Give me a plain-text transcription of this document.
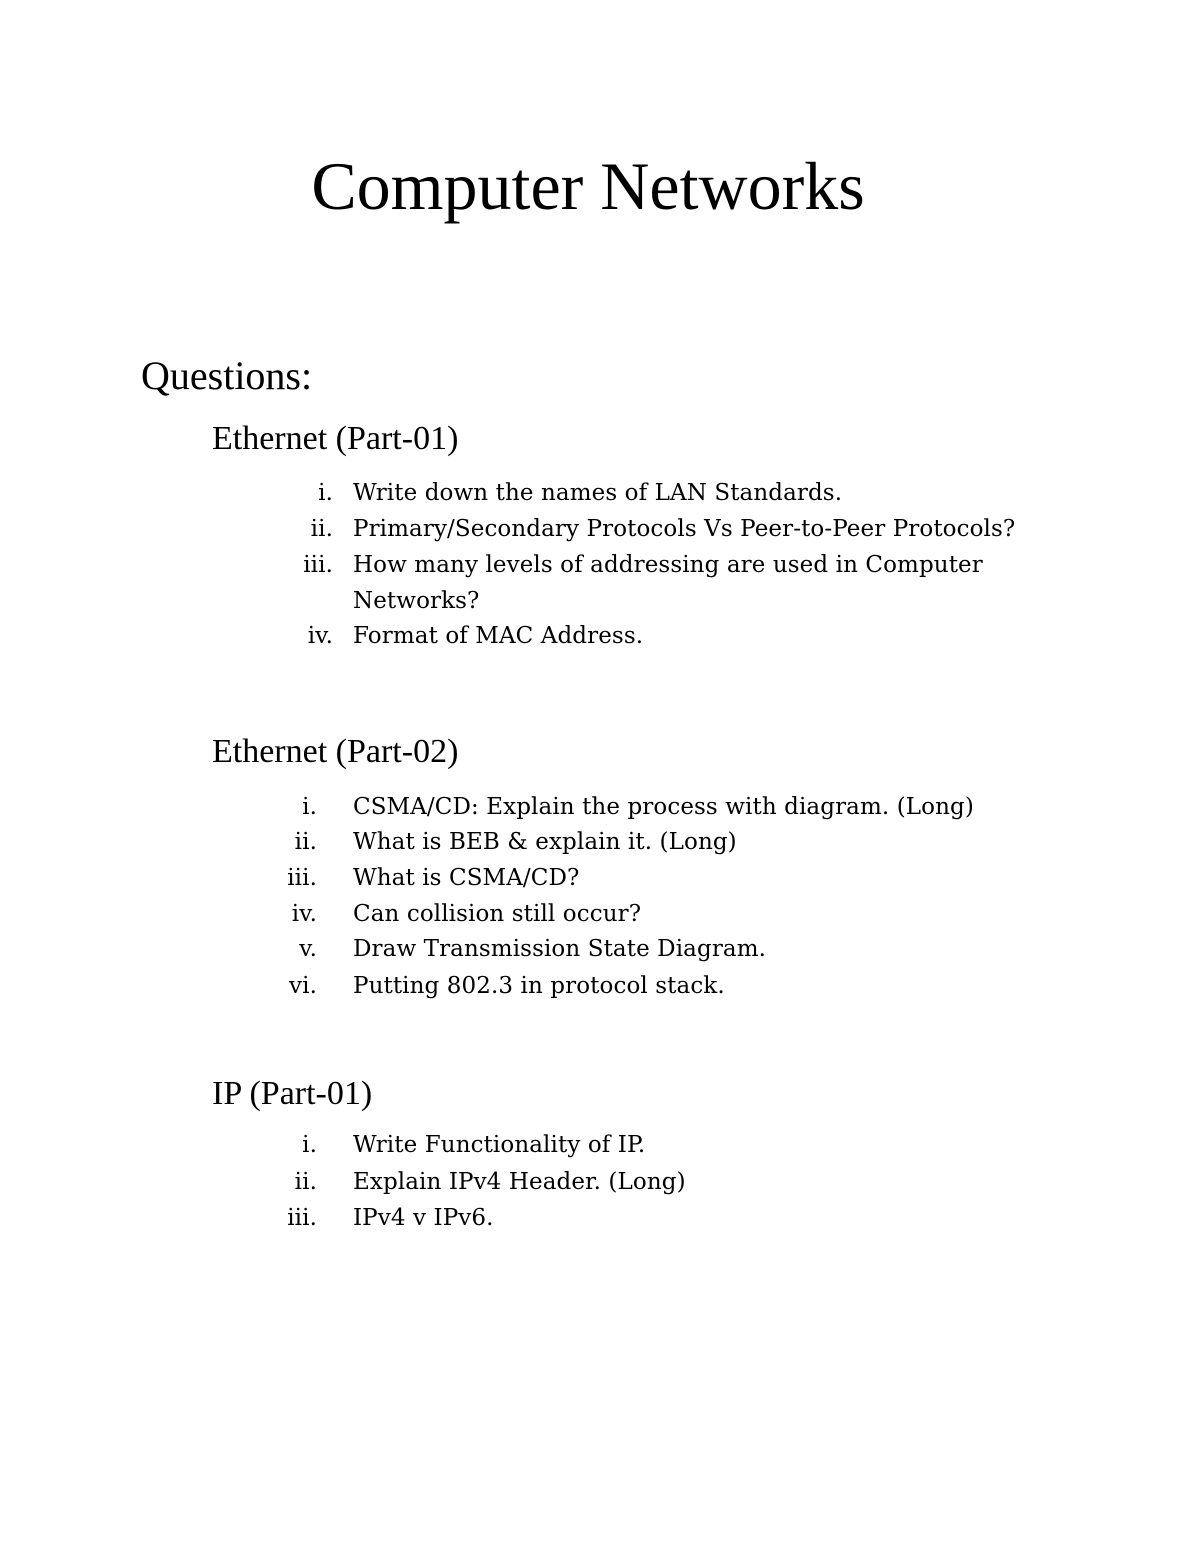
Computer Networks
Questions:
Ethernet (Part-01)
i. Write down the names of LAN Standards.
ii. Primary/Secondary Protocols Vs Peer-to-Peer Protocols?
iii. How many levels of addressing are used in Computer
Networks?
iv. Format of MAC Address.
Ethernet (Part-02)
i. CSMA/CD: Explain the process with diagram. (Long)
ii. What is BEB & explain it. (Long)
iii. What is CSMA/CD?
iv. Can collision still occur?
v. Draw Transmission State Diagram.
vi. Putting 802.3 in protocol stack.
IP (Part-01)
i. Write Functionality of IP.
ii. Explain IPv4 Header. (Long)
iii. IPv4 v IPv6.
